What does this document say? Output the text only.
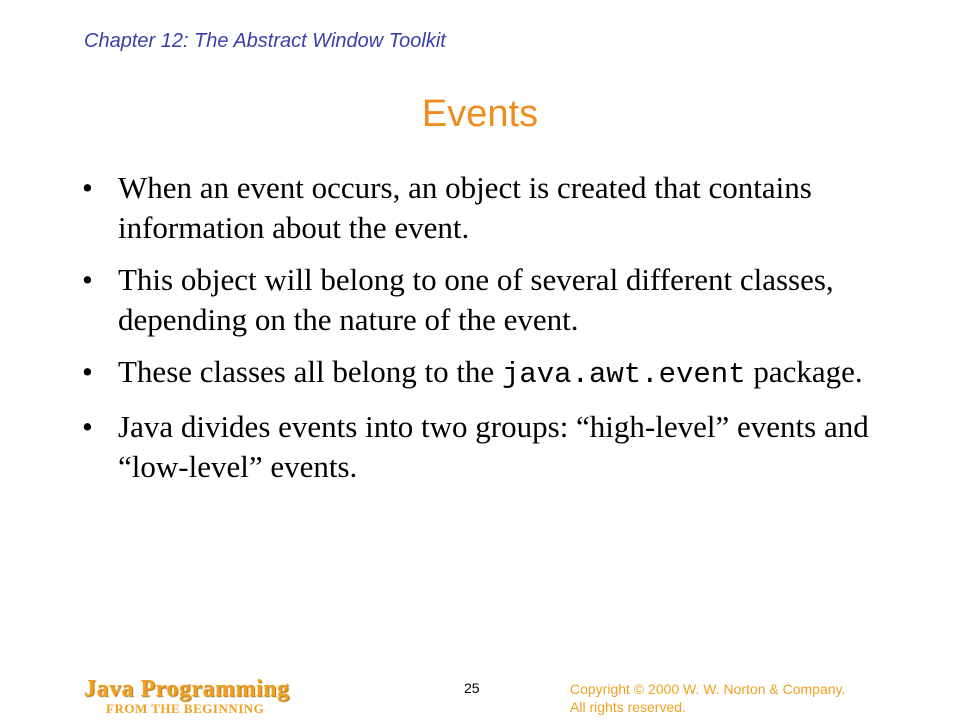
Chapter 12: The Abstract Window Toolkit
Events
• When an event occurs, an object is created that contains information about the event.
• This object will belong to one of several different classes, depending on the nature of the event.
• These classes all belong to the java.awt.event package.
• Java divides events into two groups: “high-level” events and “low-level” events.
Java Programming
FROM THE BEGINNING
25	Copyright © 2000 W. W. Norton & Company.
All rights reserved.
